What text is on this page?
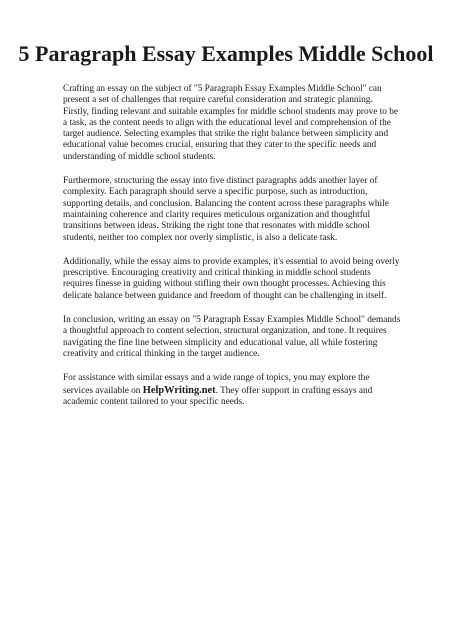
5 Paragraph Essay Examples Middle School

Crafting an essay on the subject of "5 Paragraph Essay Examples Middle School" can present a set of challenges that require careful consideration and strategic planning. Firstly, finding relevant and suitable examples for middle school students may prove to be a task, as the content needs to align with the educational level and comprehension of the target audience. Selecting examples that strike the right balance between simplicity and educational value becomes crucial, ensuring that they cater to the specific needs and understanding of middle school students.

Furthermore, structuring the essay into five distinct paragraphs adds another layer of complexity. Each paragraph should serve a specific purpose, such as introduction, supporting details, and conclusion. Balancing the content across these paragraphs while maintaining coherence and clarity requires meticulous organization and thoughtful transitions between ideas. Striking the right tone that resonates with middle school students, neither too complex nor overly simplistic, is also a delicate task.

Additionally, while the essay aims to provide examples, it's essential to avoid being overly prescriptive. Encouraging creativity and critical thinking in middle school students requires finesse in guiding without stifling their own thought processes. Achieving this delicate balance between guidance and freedom of thought can be challenging in itself.

In conclusion, writing an essay on "5 Paragraph Essay Examples Middle School" demands a thoughtful approach to content selection, structural organization, and tone. It requires navigating the fine line between simplicity and educational value, all while fostering creativity and critical thinking in the target audience.

For assistance with similar essays and a wide range of topics, you may explore the services available on HelpWriting.net. They offer support in crafting essays and academic content tailored to your specific needs.
